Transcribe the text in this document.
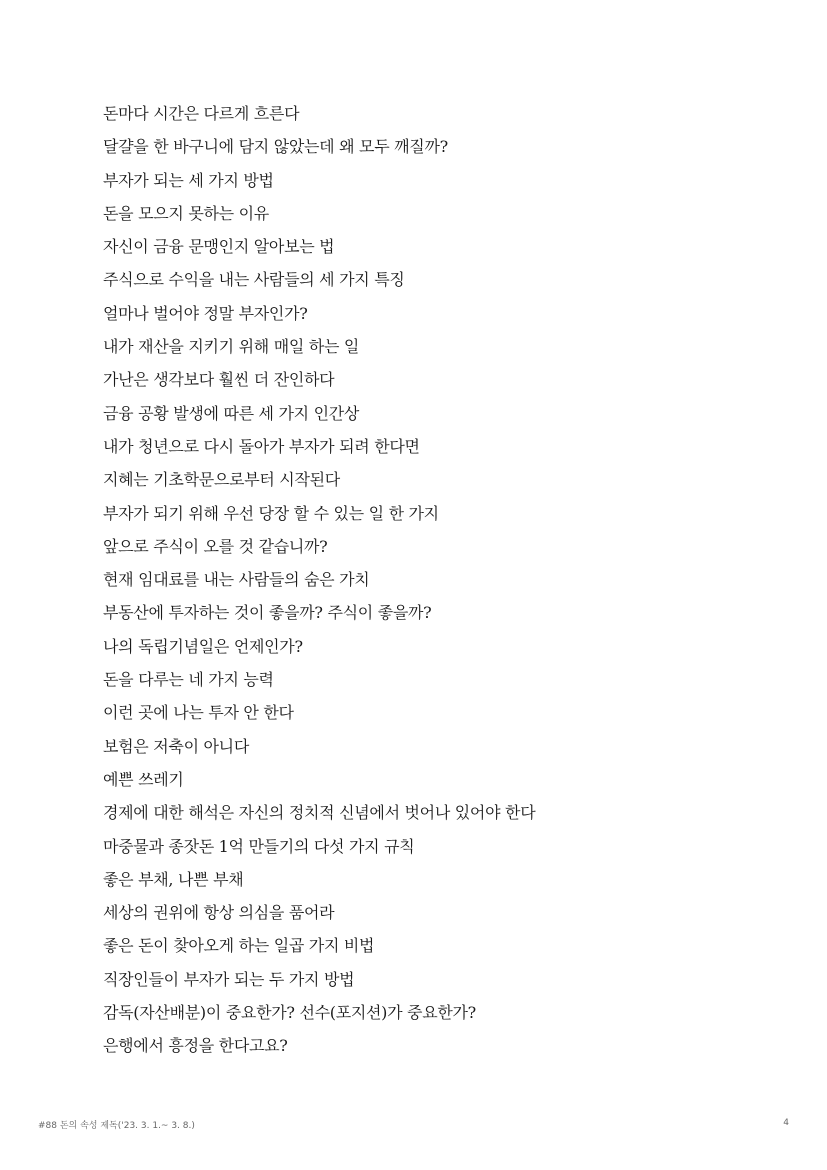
돈마다 시간은 다르게 흐른다
달걀을 한 바구니에 담지 않았는데 왜 모두 깨질까?
부자가 되는 세 가지 방법
돈을 모으지 못하는 이유
자신이 금융 문맹인지 알아보는 법
주식으로 수익을 내는 사람들의 세 가지 특징
얼마나 벌어야 정말 부자인가?
내가 재산을 지키기 위해 매일 하는 일
가난은 생각보다 훨씬 더 잔인하다
금융 공황 발생에 따른 세 가지 인간상
내가 청년으로 다시 돌아가 부자가 되려 한다면
지혜는 기초학문으로부터 시작된다
부자가 되기 위해 우선 당장 할 수 있는 일 한 가지
앞으로 주식이 오를 것 같습니까?
현재 임대료를 내는 사람들의 숨은 가치
부동산에 투자하는 것이 좋을까? 주식이 좋을까?
나의 독립기념일은 언제인가?
돈을 다루는 네 가지 능력
이런 곳에 나는 투자 안 한다
보험은 저축이 아니다
예쁜 쓰레기
경제에 대한 해석은 자신의 정치적 신념에서 벗어나 있어야 한다
마중물과 종잣돈 1억 만들기의 다섯 가지 규칙
좋은 부채, 나쁜 부채
세상의 권위에 항상 의심을 품어라
좋은 돈이 찾아오게 하는 일곱 가지 비법
직장인들이 부자가 되는 두 가지 방법
감독(자산배분)이 중요한가? 선수(포지션)가 중요한가?
은행에서 흥정을 한다고요?
#88 돈의 속성 제독('23. 3. 1.~ 3. 8.)	4
